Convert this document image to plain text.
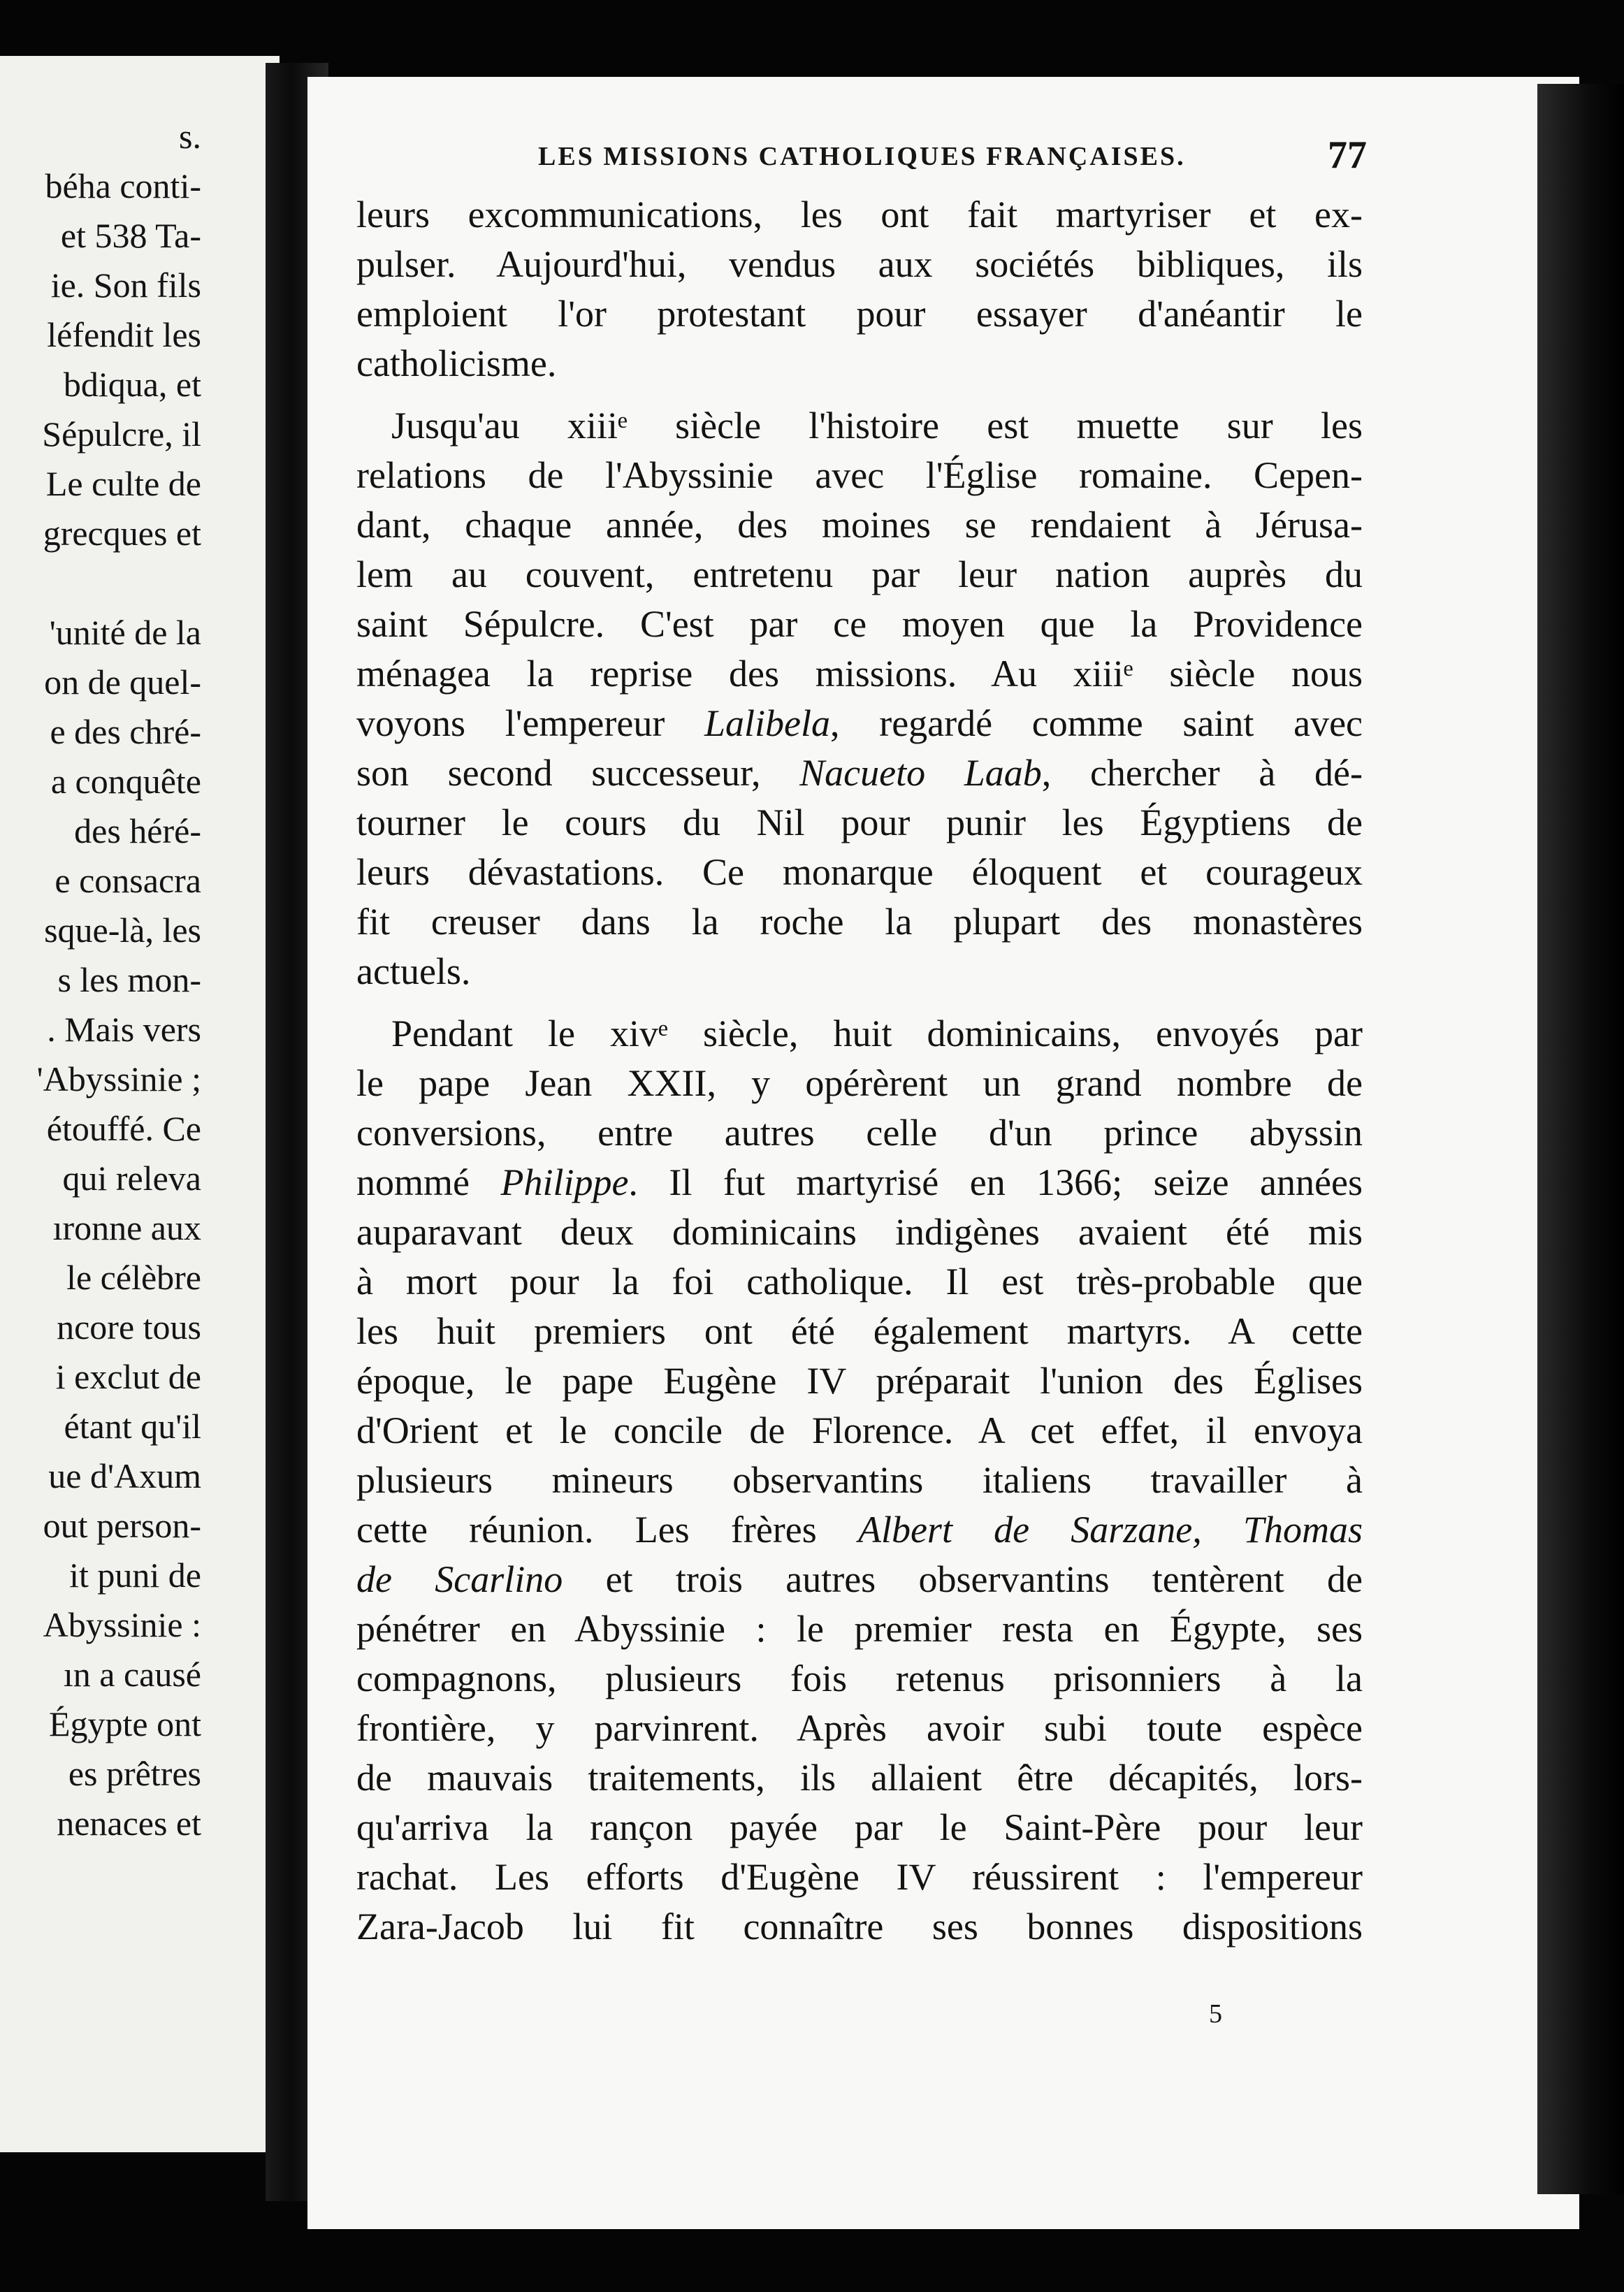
s.
béha conti-
et 538 Ta-
ie. Son fils
léfendit les
bdiqua, et
Sépulcre, il
Le culte de
grecques et
'unité de la
on de quel-
e des chré-
a conquête
des héré-
e consacra
sque-là, les
s les mon-
. Mais vers
'Abyssinie ;
étouffé. Ce
qui releva
ıronne aux
le célèbre
ncore tous
i exclut de
étant qu'il
ue d'Axum
out person-
it puni de
Abyssinie :
ın a causé
Égypte ont
es prêtres
nenaces et
LES MISSIONS CATHOLIQUES FRANÇAISES.	77
leurs excommunications, les ont fait martyriser et ex-
pulser. Aujourd'hui, vendus aux sociétés bibliques, ils
emploient l'or protestant pour essayer d'anéantir le
catholicisme.
Jusqu'au xiiiᵉ siècle l'histoire est muette sur les
relations de l'Abyssinie avec l'Église romaine. Cepen-
dant, chaque année, des moines se rendaient à Jérusa-
lem au couvent, entretenu par leur nation auprès du
saint Sépulcre. C'est par ce moyen que la Providence
ménagea la reprise des missions. Au xiiiᵉ siècle nous
voyons l'empereur Lalibela, regardé comme saint avec
son second successeur, Nacueto Laab, chercher à dé-
tourner le cours du Nil pour punir les Égyptiens de
leurs dévastations. Ce monarque éloquent et courageux
fit creuser dans la roche la plupart des monastères
actuels.
Pendant le xivᵉ siècle, huit dominicains, envoyés par
le pape Jean XXII, y opérèrent un grand nombre de
conversions, entre autres celle d'un prince abyssin
nommé Philippe. Il fut martyrisé en 1366; seize années
auparavant deux dominicains indigènes avaient été mis
à mort pour la foi catholique. Il est très-probable que
les huit premiers ont été également martyrs. A cette
époque, le pape Eugène IV préparait l'union des Églises
d'Orient et le concile de Florence. A cet effet, il envoya
plusieurs mineurs observantins italiens travailler à
cette réunion. Les frères Albert de Sarzane, Thomas
de Scarlino et trois autres observantins tentèrent de
pénétrer en Abyssinie : le premier resta en Égypte, ses
compagnons, plusieurs fois retenus prisonniers à la
frontière, y parvinrent. Après avoir subi toute espèce
de mauvais traitements, ils allaient être décapités, lors-
qu'arriva la rançon payée par le Saint-Père pour leur
rachat. Les efforts d'Eugène IV réussirent : l'empereur
Zara-Jacob lui fit connaître ses bonnes dispositions
5
